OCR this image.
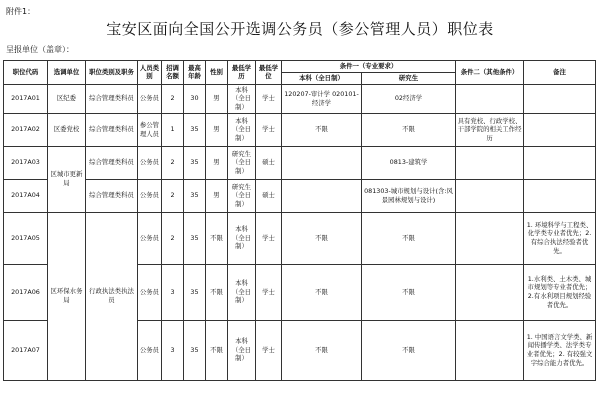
附件1：
宝安区面向全国公开选调公务员（参公管理人员）职位表
呈报单位（盖章）：
职位代码	选调单位	职位类别及职务	人员类别	招调名额	最高年龄	性别	最低学历	最低学位	条件一（专业要求）		条件二（其他条件）	备注
									本科（全日制）	研究生		
2017A01	区纪委	综合管理类科员	公务员	2	30	男	本科（全日制）	学士	120207-审计学 020101-经济学	02经济学		
2017A02	区委党校	综合管理类科员	参公管理人员	1	35	男	本科（全日制）	学士	不限	不限	具有党校、行政学校、干部学院的相关工作经历	
2017A03	区城市更新局	综合管理类科员	公务员	2	35	男	研究生（全日制）	硕士		0813-建筑学		
2017A04		综合管理类科员	公务员	2	35	男	研究生（全日制）	硕士		081303-城市规划与设计(含:风景园林规划与设计)		
2017A05	区环保水务局	行政执法类执法员	公务员	2	35	不限	本科（全日制）	学士	不限	不限		1. 环境科学与工程类、化学类专业者优先；2. 有综合执法经验者优先。
2017A06			公务员	3	35	不限	本科（全日制）	学士	不限	不限		1.水利类、土木类、城市规划等专业者优先；2.有水利项目规划经验者优先。
2017A07			公务员	3	35	不限	本科（全日制）	学士	不限	不限		1. 中国语言文学类、新闻传播学类、法学类专业者优先；2. 有较强文字综合能力者优先。
